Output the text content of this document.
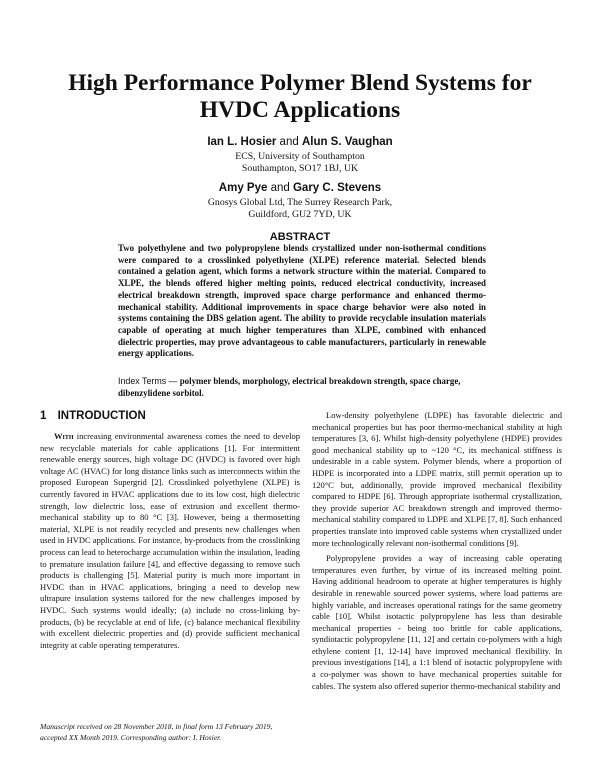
High Performance Polymer Blend Systems for HVDC Applications

Ian L. Hosier and Alun S. Vaughan

ECS, University of Southampton

Southampton, SO17 1BJ, UK

Amy Pye and Gary C. Stevens

Gnosys Global Ltd, The Surrey Research Park,

Guildford, GU2 7YD, UK

ABSTRACT

Two polyethylene and two polypropylene blends crystallized under non-isothermal conditions were compared to a crosslinked polyethylene (XLPE) reference material. Selected blends contained a gelation agent, which forms a network structure within the material. Compared to XLPE, the blends offered higher melting points, reduced electrical conductivity, increased electrical breakdown strength, improved space charge performance and enhanced thermo-mechanical stability. Additional improvements in space charge behavior were also noted in systems containing the DBS gelation agent. The ability to provide recyclable insulation materials capable of operating at much higher temperatures than XLPE, combined with enhanced dielectric properties, may prove advantageous to cable manufacturers, particularly in renewable energy applications.

Index Terms — polymer blends, morphology, electrical breakdown strength, space charge, dibenzylidene sorbitol.

1 INTRODUCTION

With increasing environmental awareness comes the need to develop new recyclable materials for cable applications [1]. For intermittent renewable energy sources, high voltage DC (HVDC) is favored over high voltage AC (HVAC) for long distance links such as interconnects within the proposed European Supergrid [2]. Crosslinked polyethylene (XLPE) is currently favored in HVAC applications due to its low cost, high dielectric strength, low dielectric loss, ease of extrusion and excellent thermo-mechanical stability up to 80 °C [3]. However, being a thermosetting material, XLPE is not readily recycled and presents new challenges when used in HVDC applications. For instance, by-products from the crosslinking process can lead to heterocharge accumulation within the insulation, leading to premature insulation failure [4], and effective degassing to remove such products is challenging [5]. Material purity is much more important in HVDC than in HVAC applications, bringing a need to develop new ultrapure insulation systems tailored for the new challenges imposed by HVDC. Such systems would ideally; (a) include no cross-linking by-products, (b) be recyclable at end of life, (c) balance mechanical flexibility with excellent dielectric properties and (d) provide sufficient mechanical integrity at cable operating temperatures.

Low-density polyethylene (LDPE) has favorable dielectric and mechanical properties but has poor thermo-mechanical stability at high temperatures [3, 6]. Whilst high-density polyethylene (HDPE) provides good mechanical stability up to ~120 °C, its mechanical stiffness is undesirable in a cable system. Polymer blends, where a proportion of HDPE is incorporated into a LDPE matrix, still permit operation up to 120°C but, additionally, provide improved mechanical flexibility compared to HDPE [6]. Through appropriate isothermal crystallization, they provide superior AC breakdown strength and improved thermo-mechanical stability compared to LDPE and XLPE [7, 8]. Such enhanced properties translate into improved cable systems when crystallized under more technologically relevant non-isothermal conditions [9].

Polypropylene provides a way of increasing cable operating temperatures even further, by virtue of its increased melting point. Having additional headroom to operate at higher temperatures is highly desirable in renewable sourced power systems, where load patterns are highly variable, and increases operational ratings for the same geometry cable [10]. Whilst isotactic polypropylene has less than desirable mechanical properties - being too brittle for cable applications, syndiotactic polypropylene [11, 12] and certain co-polymers with a high ethylene content [1, 12-14] have improved mechanical flexibility. In previous investigations [14], a 1:1 blend of isotactic polypropylene with a co-polymer was shown to have mechanical properties suitable for cables. The system also offered superior thermo-mechanical stability and

Manuscript received on 28 November 2018, in final form 13 February 2019, accepted XX Month 2019. Corresponding author: I. Hosier.
